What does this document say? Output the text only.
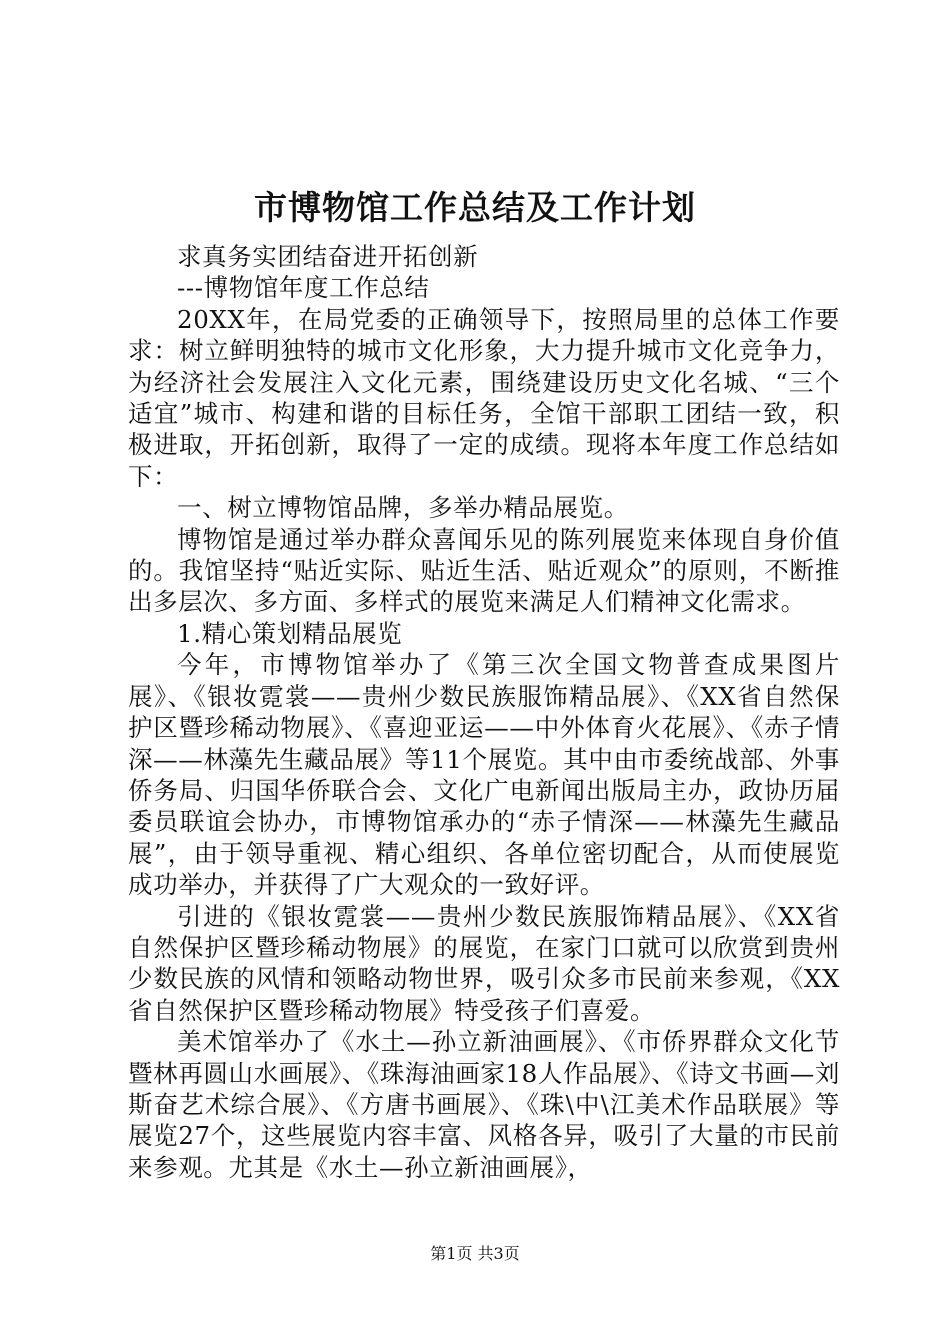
市博物馆工作总结及工作计划

求真务实团结奋进开拓创新

---博物馆年度工作总结

20XX年，在局党委的正确领导下，按照局里的总体工作要求：树立鲜明独特的城市文化形象，大力提升城市文化竞争力，为经济社会发展注入文化元素，围绕建设历史文化名城、“三个适宜”城市、构建和谐的目标任务，全馆干部职工团结一致，积极进取，开拓创新，取得了一定的成绩。现将本年度工作总结如下：

一、树立博物馆品牌，多举办精品展览。

博物馆是通过举办群众喜闻乐见的陈列展览来体现自身价值的。我馆坚持“贴近实际、贴近生活、贴近观众”的原则，不断推出多层次、多方面、多样式的展览来满足人们精神文化需求。

1.精心策划精品展览

今年，市博物馆举办了《第三次全国文物普查成果图片展》、《银妆霓裳——贵州少数民族服饰精品展》、《XX省自然保护区暨珍稀动物展》、《喜迎亚运——中外体育火花展》、《赤子情深——林藻先生藏品展》等11个展览。其中由市委统战部、外事侨务局、归国华侨联合会、文化广电新闻出版局主办，政协历届委员联谊会协办，市博物馆承办的“赤子情深——林藻先生藏品展”，由于领导重视、精心组织、各单位密切配合，从而使展览成功举办，并获得了广大观众的一致好评。

引进的《银妆霓裳——贵州少数民族服饰精品展》、《XX省自然保护区暨珍稀动物展》的展览，在家门口就可以欣赏到贵州少数民族的风情和领略动物世界，吸引众多市民前来参观，《XX省自然保护区暨珍稀动物展》特受孩子们喜爱。

美术馆举办了《水土—孙立新油画展》、《市侨界群众文化节暨林再圆山水画展》、《珠海油画家18人作品展》、《诗文书画—刘斯奋艺术综合展》、《方唐书画展》、《珠\中\江美术作品联展》等展览27个，这些展览内容丰富、风格各异，吸引了大量的市民前来参观。尤其是《水土—孙立新油画展》，

第1页 共3页
